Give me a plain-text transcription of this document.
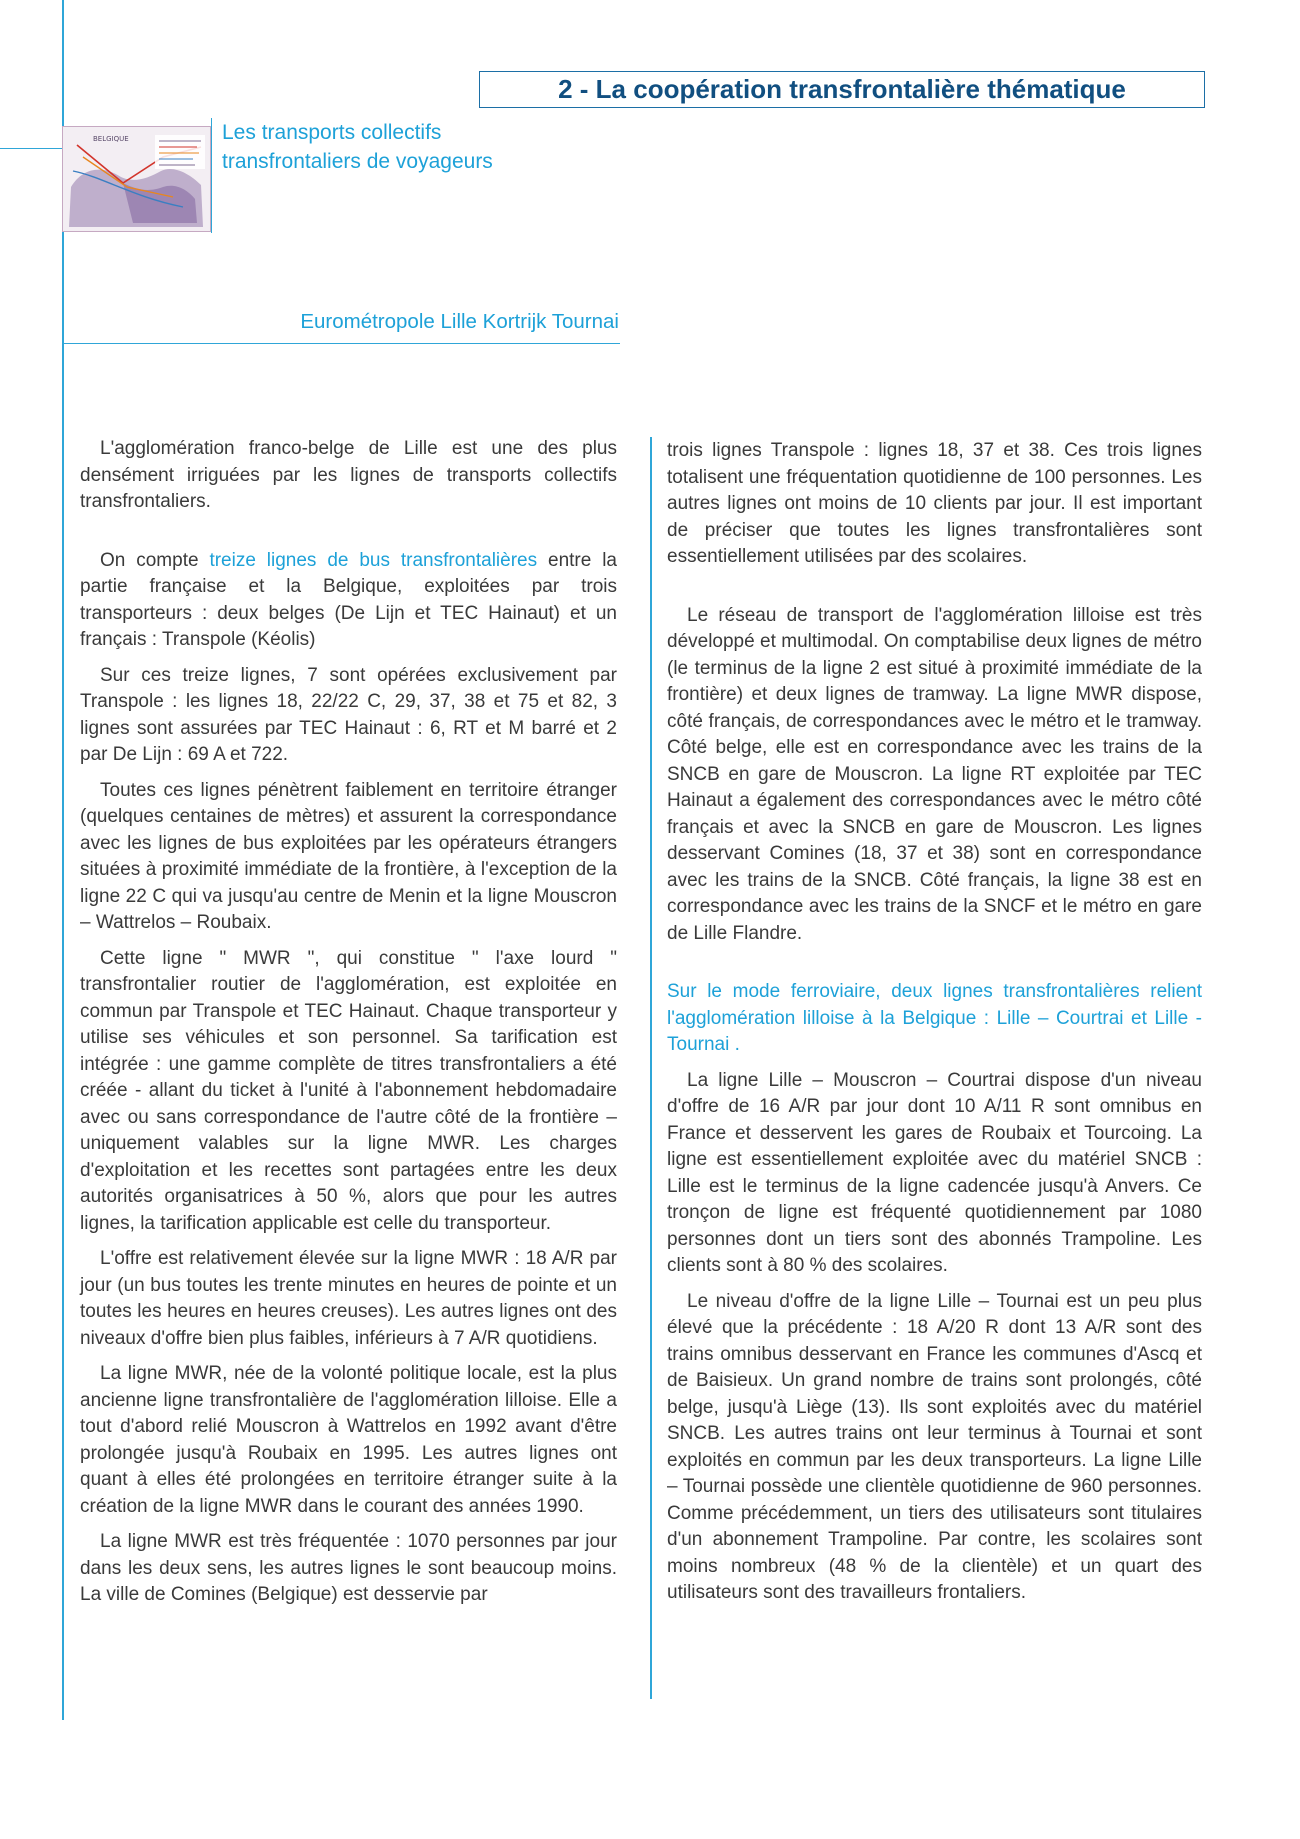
2 - La coopération transfrontalière thématique
BELGIQUE	Les transports collectifs
transfrontaliers de voyageurs
Eurométropole Lille Kortrijk Tournai

L'agglomération franco-belge de Lille est une des plus densément irriguées par les lignes de transports collectifs transfrontaliers.

On compte treize lignes de bus transfrontalières entre la partie française et la Belgique, exploitées par trois transporteurs : deux belges (De Lijn et TEC Hainaut) et un français : Transpole (Kéolis)

Sur ces treize lignes, 7 sont opérées exclusivement par Transpole : les lignes 18, 22/22 C, 29, 37, 38 et 75 et 82, 3 lignes sont assurées par TEC Hainaut : 6, RT et M barré et 2 par De Lijn : 69 A et 722.

Toutes ces lignes pénètrent faiblement en territoire étranger (quelques centaines de mètres) et assurent la correspondance avec les lignes de bus exploitées par les opérateurs étrangers situées à proximité immédiate de la frontière, à l'exception de la ligne 22 C qui va jusqu'au centre de Menin et la ligne Mouscron – Wattrelos – Roubaix.

Cette ligne " MWR ", qui constitue " l'axe lourd " transfrontalier routier de l'agglomération, est exploitée en commun par Transpole et TEC Hainaut. Chaque transporteur y utilise ses véhicules et son personnel. Sa tarification est intégrée : une gamme complète de titres transfrontaliers a été créée - allant du ticket à l'unité à l'abonnement hebdomadaire avec ou sans correspondance de l'autre côté de la frontière – uniquement valables sur la ligne MWR. Les charges d'exploitation et les recettes sont partagées entre les deux autorités organisatrices à 50 %, alors que pour les autres lignes, la tarification applicable est celle du transporteur.

L'offre est relativement élevée sur la ligne MWR : 18 A/R par jour (un bus toutes les trente minutes en heures de pointe et un toutes les heures en heures creuses). Les autres lignes ont des niveaux d'offre bien plus faibles, inférieurs à 7 A/R quotidiens.

La ligne MWR, née de la volonté politique locale, est la plus ancienne ligne transfrontalière de l'agglomération lilloise. Elle a tout d'abord relié Mouscron à Wattrelos en 1992 avant d'être prolongée jusqu'à Roubaix en 1995. Les autres lignes ont quant à elles été prolongées en territoire étranger suite à la création de la ligne MWR dans le courant des années 1990.

La ligne MWR est très fréquentée : 1070 personnes par jour dans les deux sens, les autres lignes le sont beaucoup moins. La ville de Comines (Belgique) est desservie par

trois lignes Transpole : lignes 18, 37 et 38. Ces trois lignes totalisent une fréquentation quotidienne de 100 personnes. Les autres lignes ont moins de 10 clients par jour. Il est important de préciser que toutes les lignes transfrontalières sont essentiellement utilisées par des scolaires.

Le réseau de transport de l'agglomération lilloise est très développé et multimodal. On comptabilise deux lignes de métro (le terminus de la ligne 2 est situé à proximité immédiate de la frontière) et deux lignes de tramway. La ligne MWR dispose, côté français, de correspondances avec le métro et le tramway. Côté belge, elle est en correspondance avec les trains de la SNCB en gare de Mouscron. La ligne RT exploitée par TEC Hainaut a également des correspondances avec le métro côté français et avec la SNCB en gare de Mouscron. Les lignes desservant Comines (18, 37 et 38) sont en correspondance avec les trains de la SNCB. Côté français, la ligne 38 est en correspondance avec les trains de la SNCF et le métro en gare de Lille Flandre.

Sur le mode ferroviaire, deux lignes transfrontalières relient l'agglomération lilloise à la Belgique : Lille – Courtrai et Lille - Tournai .

La ligne Lille – Mouscron – Courtrai dispose d'un niveau d'offre de 16 A/R par jour dont 10 A/11 R sont omnibus en France et desservent les gares de Roubaix et Tourcoing. La ligne est essentiellement exploitée avec du matériel SNCB : Lille est le terminus de la ligne cadencée jusqu'à Anvers. Ce tronçon de ligne est fréquenté quotidiennement par 1080 personnes dont un tiers sont des abonnés Trampoline. Les clients sont à 80 % des scolaires.

Le niveau d'offre de la ligne Lille – Tournai est un peu plus élevé que la précédente : 18 A/20 R dont 13 A/R sont des trains omnibus desservant en France les communes d'Ascq et de Baisieux. Un grand nombre de trains sont prolongés, côté belge, jusqu'à Liège (13). Ils sont exploités avec du matériel SNCB. Les autres trains ont leur terminus à Tournai et sont exploités en commun par les deux transporteurs. La ligne Lille – Tournai possède une clientèle quotidienne de 960 personnes. Comme précédemment, un tiers des utilisateurs sont titulaires d'un abonnement Trampoline. Par contre, les scolaires sont moins nombreux (48 % de la clientèle) et un quart des utilisateurs sont des travailleurs frontaliers.
